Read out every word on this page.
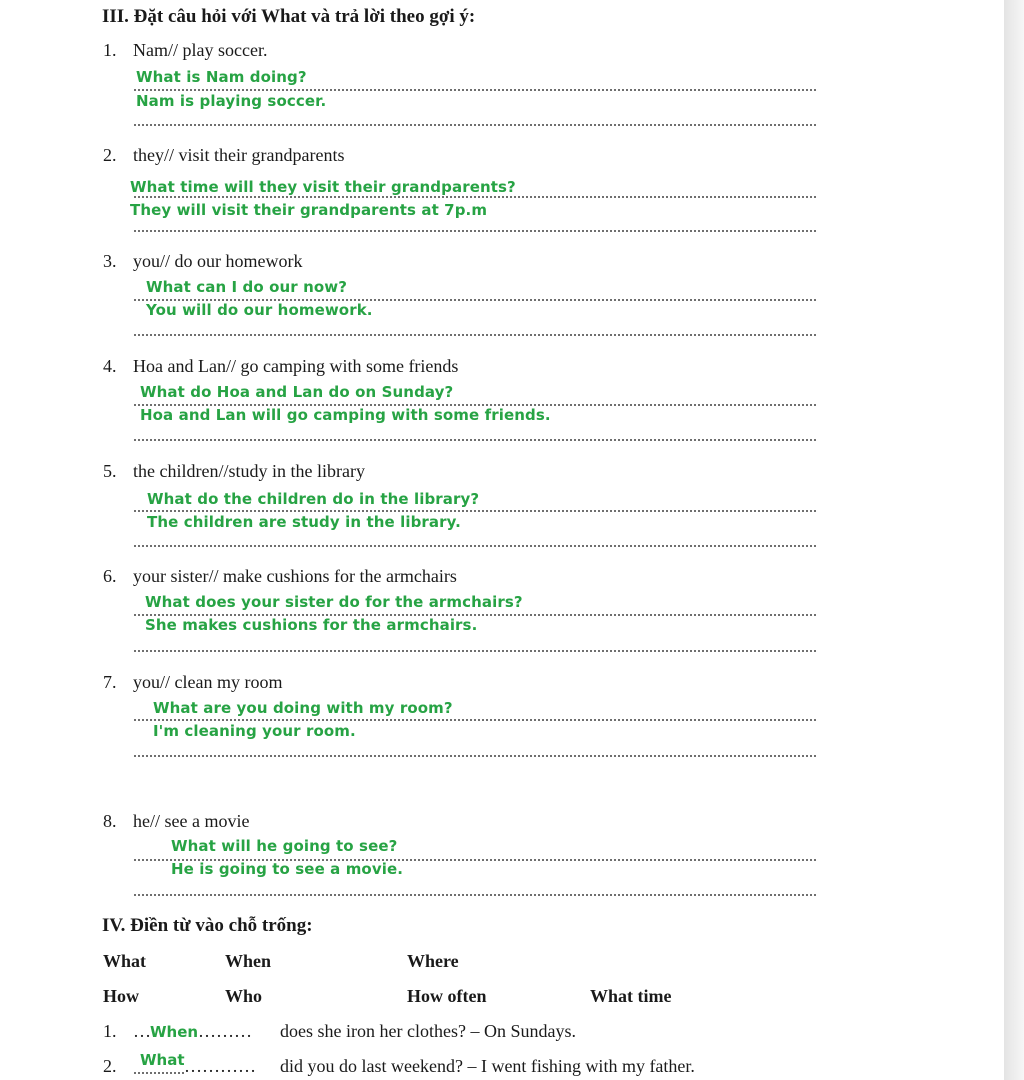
III. Đặt câu hỏi với What và trả lời theo gợi ý:
1. Nam// play soccer.
What is Nam doing?
Nam is playing soccer.
2. they// visit their grandparents
What time will they visit their grandparents?
They will visit their grandparents at 7p.m
3. you// do our homework
What can I do our now?
You will do our homework.
4. Hoa and Lan// go camping with some friends
What do Hoa and Lan do on Sunday?
Hoa and Lan will go camping with some friends.
5. the children//study in the library
What do the children do in the library?
The children are study in the library.
6. your sister// make cushions for the armchairs
What does your sister do for the armchairs?
She makes cushions for the armchairs.
7. you// clean my room
What are you doing with my room?
I'm cleaning your room.
8. he// see a movie
What will he going to see?
He is going to see a movie.
IV. Điền từ vào chỗ trống:
What	When	Where
How	Who	How often	What time
1. … When ……… does she iron her clothes? – On Sundays.
2. What ………… did you do last weekend? – I went fishing with my father.
